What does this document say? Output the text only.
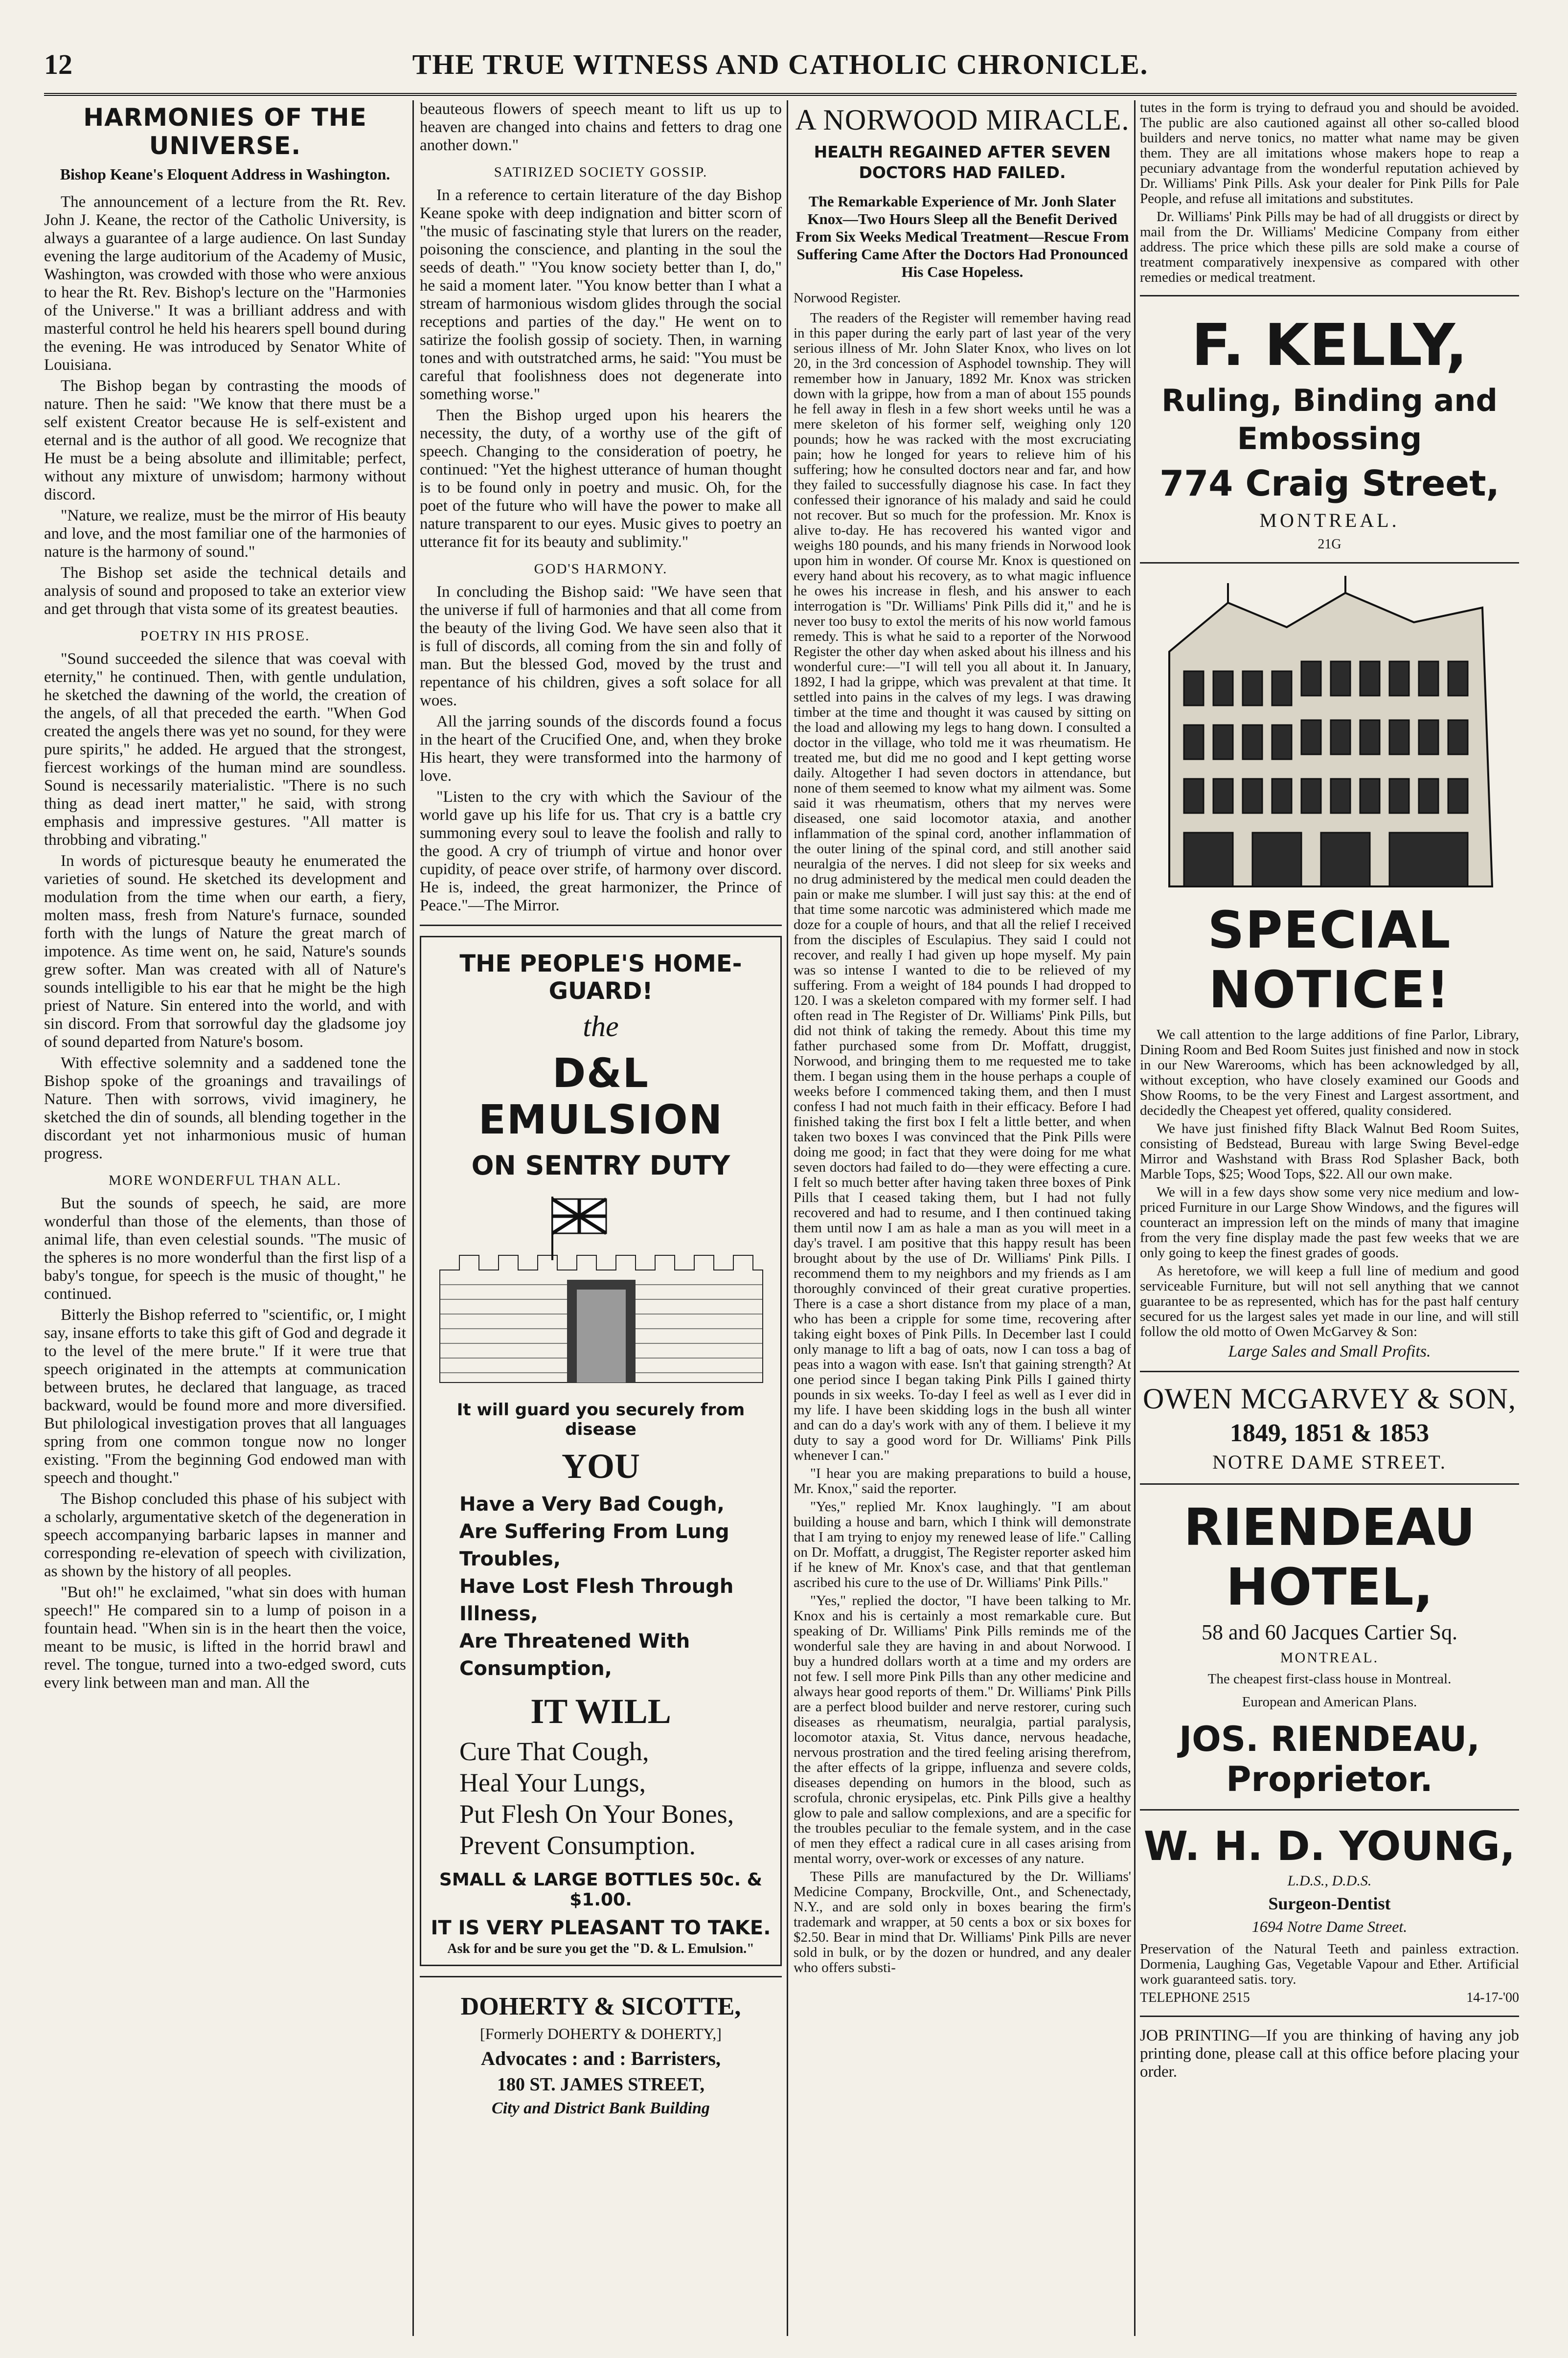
12	THE TRUE WITNESS AND CATHOLIC CHRONICLE.
HARMONIES OF THE UNIVERSE.
Bishop Keane's Eloquent Address in Washington.

The announcement of a lecture from the Rt. Rev. John J. Keane, the rector of the Catholic University, is always a guarantee of a large audience. On last Sunday evening the large auditorium of the Academy of Music, Washington, was crowded with those who were anxious to hear the Rt. Rev. Bishop's lecture on the "Harmonies of the Universe." It was a brilliant address and with masterful control he held his hearers spell bound during the evening. He was introduced by Senator White of Louisiana.

The Bishop began by contrasting the moods of nature. Then he said: "We know that there must be a self existent Creator because He is self-existent and eternal and is the author of all good. We recognize that He must be a being absolute and illimitable; perfect, without any mixture of unwisdom; harmony without discord.

"Nature, we realize, must be the mirror of His beauty and love, and the most familiar one of the harmonies of nature is the harmony of sound."

The Bishop set aside the technical details and analysis of sound and proposed to take an exterior view and get through that vista some of its greatest beauties.

POETRY IN HIS PROSE.

"Sound succeeded the silence that was coeval with eternity," he continued. Then, with gentle undulation, he sketched the dawning of the world, the creation of the angels, of all that preceded the earth. "When God created the angels there was yet no sound, for they were pure spirits," he added. He argued that the strongest, fiercest workings of the human mind are soundless. Sound is necessarily materialistic. "There is no such thing as dead inert matter," he said, with strong emphasis and impressive gestures. "All matter is throbbing and vibrating."

In words of picturesque beauty he enumerated the varieties of sound. He sketched its development and modulation from the time when our earth, a fiery, molten mass, fresh from Nature's furnace, sounded forth with the lungs of Nature the great march of impotence. As time went on, he said, Nature's sounds grew softer. Man was created with all of Nature's sounds intelligible to his ear that he might be the high priest of Nature. Sin entered into the world, and with sin discord. From that sorrowful day the gladsome joy of sound departed from Nature's bosom.

With effective solemnity and a saddened tone the Bishop spoke of the groanings and travailings of Nature. Then with sorrows, vivid imaginery, he sketched the din of sounds, all blending together in the discordant yet not inharmonious music of human progress.

MORE WONDERFUL THAN ALL.

But the sounds of speech, he said, are more wonderful than those of the elements, than those of animal life, than even celestial sounds. "The music of the spheres is no more wonderful than the first lisp of a baby's tongue, for speech is the music of thought," he continued.

Bitterly the Bishop referred to "scientific, or, I might say, insane efforts to take this gift of God and degrade it to the level of the mere brute." If it were true that speech originated in the attempts at communication between brutes, he declared that language, as traced backward, would be found more and more diversified. But philological investigation proves that all languages spring from one common tongue now no longer existing. "From the beginning God endowed man with speech and thought."

The Bishop concluded this phase of his subject with a scholarly, argumentative sketch of the degeneration in speech accompanying barbaric lapses in manner and corresponding re-elevation of speech with civilization, as shown by the history of all peoples.

"But oh!" he exclaimed, "what sin does with human speech!" He compared sin to a lump of poison in a fountain head. "When sin is in the heart then the voice, meant to be music, is lifted in the horrid brawl and revel. The tongue, turned into a two-edged sword, cuts every link between man and man. All the

beauteous flowers of speech meant to lift us up to heaven are changed into chains and fetters to drag one another down."

SATIRIZED SOCIETY GOSSIP.

In a reference to certain literature of the day Bishop Keane spoke with deep indignation and bitter scorn of "the music of fascinating style that lurers on the reader, poisoning the conscience, and planting in the soul the seeds of death." "You know society better than I, do," he said a moment later. "You know better than I what a stream of harmonious wisdom glides through the social receptions and parties of the day." He went on to satirize the foolish gossip of society. Then, in warning tones and with outstratched arms, he said: "You must be careful that foolishness does not degenerate into something worse."

Then the Bishop urged upon his hearers the necessity, the duty, of a worthy use of the gift of speech. Changing to the consideration of poetry, he continued: "Yet the highest utterance of human thought is to be found only in poetry and music. Oh, for the poet of the future who will have the power to make all nature transparent to our eyes. Music gives to poetry an utterance fit for its beauty and sublimity."

GOD'S HARMONY.

In concluding the Bishop said: "We have seen that the universe if full of harmonies and that all come from the beauty of the living God. We have seen also that it is full of discords, all coming from the sin and folly of man. But the blessed God, moved by the trust and repentance of his children, gives a soft solace for all woes.

All the jarring sounds of the discords found a focus in the heart of the Crucified One, and, when they broke His heart, they were transformed into the harmony of love.

"Listen to the cry with which the Saviour of the world gave up his life for us. That cry is a battle cry summoning every soul to leave the foolish and rally to the good. A cry of triumph of virtue and honor over cupidity, of peace over strife, of harmony over discord. He is, indeed, the great harmonizer, the Prince of Peace."—The Mirror.

THE PEOPLE'S HOME-GUARD!
the
D&L EMULSION
ON SENTRY DUTY
It will guard you securely from disease
YOU
Have a Very Bad Cough,
Are Suffering From Lung Troubles,
Have Lost Flesh Through Illness,
Are Threatened With Consumption,
IT WILL
Cure That Cough,
Heal Your Lungs,
Put Flesh On Your Bones,
Prevent Consumption.
SMALL & LARGE BOTTLES 50c. & $1.00.
IT IS VERY PLEASANT TO TAKE.
Ask for and be sure you get the "D. & L. Emulsion."
DOHERTY & SICOTTE,
[Formerly DOHERTY & DOHERTY,]
Advocates : and : Barristers,
180 ST. JAMES STREET,
City and District Bank Building
A NORWOOD MIRACLE.
HEALTH REGAINED AFTER SEVEN DOCTORS HAD FAILED.
The Remarkable Experience of Mr. Jonh Slater Knox—Two Hours Sleep all the Benefit Derived From Six Weeks Medical Treatment—Rescue From Suffering Came After the Doctors Had Pronounced His Case Hopeless.
Norwood Register.

The readers of the Register will remember having read in this paper during the early part of last year of the very serious illness of Mr. John Slater Knox, who lives on lot 20, in the 3rd concession of Asphodel township. They will remember how in January, 1892 Mr. Knox was stricken down with la grippe, how from a man of about 155 pounds he fell away in flesh in a few short weeks until he was a mere skeleton of his former self, weighing only 120 pounds; how he was racked with the most excruciating pain; how he longed for years to relieve him of his suffering; how he consulted doctors near and far, and how they failed to successfully diagnose his case. In fact they confessed their ignorance of his malady and said he could not recover. But so much for the profession. Mr. Knox is alive to-day. He has recovered his wanted vigor and weighs 180 pounds, and his many friends in Norwood look upon him in wonder. Of course Mr. Knox is questioned on every hand about his recovery, as to what magic influence he owes his increase in flesh, and his answer to each interrogation is "Dr. Williams' Pink Pills did it," and he is never too busy to extol the merits of his now world famous remedy. This is what he said to a reporter of the Norwood Register the other day when asked about his illness and his wonderful cure:—"I will tell you all about it. In January, 1892, I had la grippe, which was prevalent at that time. It settled into pains in the calves of my legs. I was drawing timber at the time and thought it was caused by sitting on the load and allowing my legs to hang down. I consulted a doctor in the village, who told me it was rheumatism. He treated me, but did me no good and I kept getting worse daily. Altogether I had seven doctors in attendance, but none of them seemed to know what my ailment was. Some said it was rheumatism, others that my nerves were diseased, one said locomotor ataxia, and another inflammation of the spinal cord, another inflammation of the outer lining of the spinal cord, and still another said neuralgia of the nerves. I did not sleep for six weeks and no drug administered by the medical men could deaden the pain or make me slumber. I will just say this: at the end of that time some narcotic was administered which made me doze for a couple of hours, and that all the relief I received from the disciples of Esculapius. They said I could not recover, and really I had given up hope myself. My pain was so intense I wanted to die to be relieved of my suffering. From a weight of 184 pounds I had dropped to 120. I was a skeleton compared with my former self. I had often read in The Register of Dr. Williams' Pink Pills, but did not think of taking the remedy. About this time my father purchased some from Dr. Moffatt, druggist, Norwood, and bringing them to me requested me to take them. I began using them in the house perhaps a couple of weeks before I commenced taking them, and then I must confess I had not much faith in their efficacy. Before I had finished taking the first box I felt a little better, and when taken two boxes I was convinced that the Pink Pills were doing me good; in fact that they were doing for me what seven doctors had failed to do—they were effecting a cure. I felt so much better after having taken three boxes of Pink Pills that I ceased taking them, but I had not fully recovered and had to resume, and I then continued taking them until now I am as hale a man as you will meet in a day's travel. I am positive that this happy result has been brought about by the use of Dr. Williams' Pink Pills. I recommend them to my neighbors and my friends as I am thoroughly convinced of their great curative properties. There is a case a short distance from my place of a man, who has been a cripple for some time, recovering after taking eight boxes of Pink Pills. In December last I could only manage to lift a bag of oats, now I can toss a bag of peas into a wagon with ease. Isn't that gaining strength? At one period since I began taking Pink Pills I gained thirty pounds in six weeks. To-day I feel as well as I ever did in my life. I have been skidding logs in the bush all winter and can do a day's work with any of them. I believe it my duty to say a good word for Dr. Williams' Pink Pills whenever I can."

"I hear you are making preparations to build a house, Mr. Knox," said the reporter.

"Yes," replied Mr. Knox laughingly. "I am about building a house and barn, which I think will demonstrate that I am trying to enjoy my renewed lease of life." Calling on Dr. Moffatt, a druggist, The Register reporter asked him if he knew of Mr. Knox's case, and that that gentleman ascribed his cure to the use of Dr. Williams' Pink Pills."

"Yes," replied the doctor, "I have been talking to Mr. Knox and his is certainly a most remarkable cure. But speaking of Dr. Williams' Pink Pills reminds me of the wonderful sale they are having in and about Norwood. I buy a hundred dollars worth at a time and my orders are not few. I sell more Pink Pills than any other medicine and always hear good reports of them." Dr. Williams' Pink Pills are a perfect blood builder and nerve restorer, curing such diseases as rheumatism, neuralgia, partial paralysis, locomotor ataxia, St. Vitus dance, nervous headache, nervous prostration and the tired feeling arising therefrom, the after effects of la grippe, influenza and severe colds, diseases depending on humors in the blood, such as scrofula, chronic erysipelas, etc. Pink Pills give a healthy glow to pale and sallow complexions, and are a specific for the troubles peculiar to the female system, and in the case of men they effect a radical cure in all cases arising from mental worry, over-work or excesses of any nature.

These Pills are manufactured by the Dr. Williams' Medicine Company, Brockville, Ont., and Schenectady, N.Y., and are sold only in boxes bearing the firm's trademark and wrapper, at 50 cents a box or six boxes for $2.50. Bear in mind that Dr. Williams' Pink Pills are never sold in bulk, or by the dozen or hundred, and any dealer who offers substi-

tutes in the form is trying to defraud you and should be avoided. The public are also cautioned against all other so-called blood builders and nerve tonics, no matter what name may be given them. They are all imitations whose makers hope to reap a pecuniary advantage from the wonderful reputation achieved by Dr. Williams' Pink Pills. Ask your dealer for Pink Pills for Pale People, and refuse all imitations and substitutes.

Dr. Williams' Pink Pills may be had of all druggists or direct by mail from the Dr. Williams' Medicine Company from either address. The price which these pills are sold make a course of treatment comparatively inexpensive as compared with other remedies or medical treatment.

F. KELLY,
Ruling, Binding and Embossing
774 Craig Street,
MONTREAL.
21G
SPECIAL NOTICE!

We call attention to the large additions of fine Parlor, Library, Dining Room and Bed Room Suites just finished and now in stock in our New Warerooms, which has been acknowledged by all, without exception, who have closely examined our Goods and Show Rooms, to be the very Finest and Largest assortment, and decidedly the Cheapest yet offered, quality considered.

We have just finished fifty Black Walnut Bed Room Suites, consisting of Bedstead, Bureau with large Swing Bevel-edge Mirror and Washstand with Brass Rod Splasher Back, both Marble Tops, $25; Wood Tops, $22. All our own make.

We will in a few days show some very nice medium and low-priced Furniture in our Large Show Windows, and the figures will counteract an impression left on the minds of many that imagine from the very fine display made the past few weeks that we are only going to keep the finest grades of goods.

As heretofore, we will keep a full line of medium and good serviceable Furniture, but will not sell anything that we cannot guarantee to be as represented, which has for the past half century secured for us the largest sales yet made in our line, and will still follow the old motto of Owen McGarvey & Son:

Large Sales and Small Profits.
OWEN MCGARVEY & SON,
1849, 1851 & 1853
NOTRE DAME STREET.
RIENDEAU HOTEL,
58 and 60 Jacques Cartier Sq.
MONTREAL.
The cheapest first-class house in Montreal.
European and American Plans.
JOS. RIENDEAU, Proprietor.
W. H. D. YOUNG,
L.D.S., D.D.S.
Surgeon-Dentist
1694 Notre Dame Street.

Preservation of the Natural Teeth and painless extraction. Dormenia, Laughing Gas, Vegetable Vapour and Ether. Artificial work guaranteed satis. tory.

TELEPHONE 2515	14-17-'00

JOB PRINTING—If you are thinking of having any job printing done, please call at this office before placing your order.
